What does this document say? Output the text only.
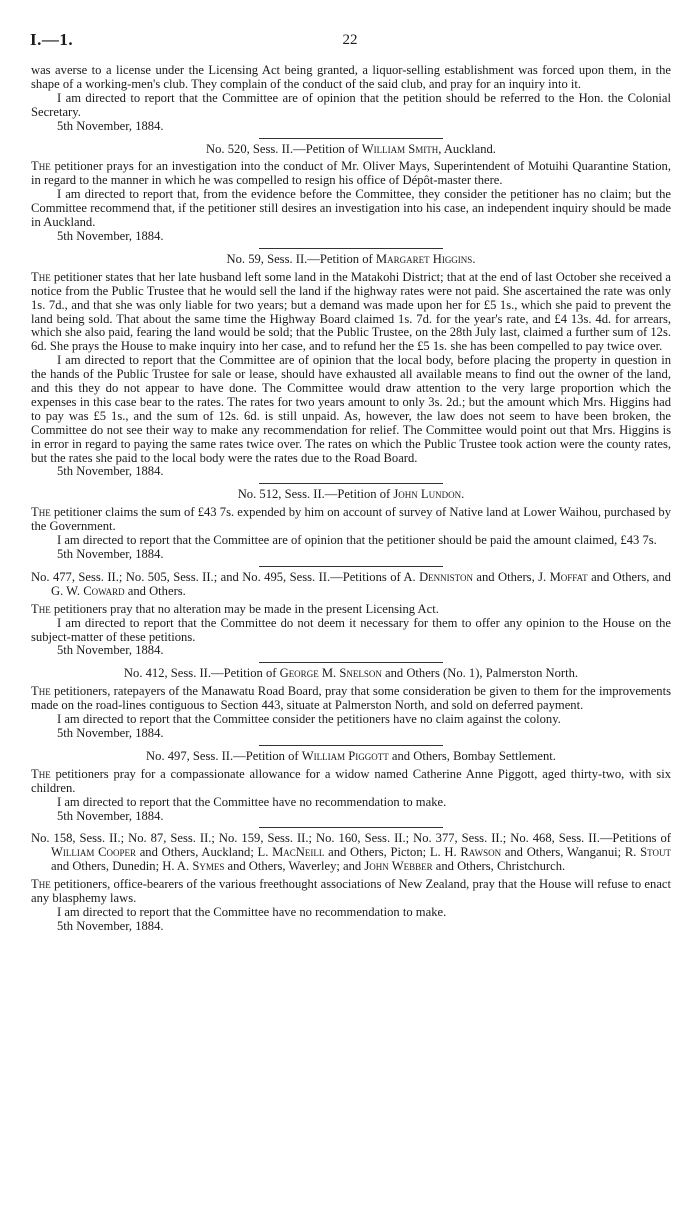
I.—1.	22

was averse to a license under the Licensing Act being granted, a liquor-selling establishment was forced upon them, in the shape of a working-men's club. They complain of the conduct of the said club, and pray for an inquiry into it.

I am directed to report that the Committee are of opinion that the petition should be referred to the Hon. the Colonial Secretary.

5th November, 1884.

No. 520, Sess. II.—Petition of William Smith, Auckland.

The petitioner prays for an investigation into the conduct of Mr. Oliver Mays, Superintendent of Motuihi Quarantine Station, in regard to the manner in which he was compelled to resign his office of Dépôt-master there.

I am directed to report that, from the evidence before the Committee, they consider the petitioner has no claim; but the Committee recommend that, if the petitioner still desires an investigation into his case, an independent inquiry should be made in Auckland.

5th November, 1884.

No. 59, Sess. II.—Petition of Margaret Higgins.

The petitioner states that her late husband left some land in the Matakohi District; that at the end of last October she received a notice from the Public Trustee that he would sell the land if the highway rates were not paid. She ascertained the rate was only 1s. 7d., and that she was only liable for two years; but a demand was made upon her for £5 1s., which she paid to prevent the land being sold. That about the same time the Highway Board claimed 1s. 7d. for the year's rate, and £4 13s. 4d. for arrears, which she also paid, fearing the land would be sold; that the Public Trustee, on the 28th July last, claimed a further sum of 12s. 6d. She prays the House to make inquiry into her case, and to refund her the £5 1s. she has been compelled to pay twice over.

I am directed to report that the Committee are of opinion that the local body, before placing the property in question in the hands of the Public Trustee for sale or lease, should have exhausted all available means to find out the owner of the land, and this they do not appear to have done. The Committee would draw attention to the very large proportion which the expenses in this case bear to the rates. The rates for two years amount to only 3s. 2d.; but the amount which Mrs. Higgins had to pay was £5 1s., and the sum of 12s. 6d. is still unpaid. As, however, the law does not seem to have been broken, the Committee do not see their way to make any recommendation for relief. The Committee would point out that Mrs. Higgins is in error in regard to paying the same rates twice over. The rates on which the Public Trustee took action were the county rates, but the rates she paid to the local body were the rates due to the Road Board.

5th November, 1884.

No. 512, Sess. II.—Petition of John Lundon.

The petitioner claims the sum of £43 7s. expended by him on account of survey of Native land at Lower Waihou, purchased by the Government.

I am directed to report that the Committee are of opinion that the petitioner should be paid the amount claimed, £43 7s.

5th November, 1884.

No. 477, Sess. II.; No. 505, Sess. II.; and No. 495, Sess. II.—Petitions of A. Denniston and Others, J. Moffat and Others, and G. W. Coward and Others.

The petitioners pray that no alteration may be made in the present Licensing Act.

I am directed to report that the Committee do not deem it necessary for them to offer any opinion to the House on the subject-matter of these petitions.

5th November, 1884.

No. 412, Sess. II.—Petition of George M. Snelson and Others (No. 1), Palmerston North.

The petitioners, ratepayers of the Manawatu Road Board, pray that some consideration be given to them for the improvements made on the road-lines contiguous to Section 443, situate at Palmerston North, and sold on deferred payment.

I am directed to report that the Committee consider the petitioners have no claim against the colony.

5th November, 1884.

No. 497, Sess. II.—Petition of William Piggott and Others, Bombay Settlement.

The petitioners pray for a compassionate allowance for a widow named Catherine Anne Piggott, aged thirty-two, with six children.

I am directed to report that the Committee have no recommendation to make.

5th November, 1884.

No. 158, Sess. II.; No. 87, Sess. II.; No. 159, Sess. II.; No. 160, Sess. II.; No. 377, Sess. II.; No. 468, Sess. II.—Petitions of William Cooper and Others, Auckland; L. MacNeill and Others, Picton; L. H. Rawson and Others, Wanganui; R. Stout and Others, Dunedin; H. A. Symes and Others, Waverley; and John Webber and Others, Christchurch.

The petitioners, office-bearers of the various freethought associations of New Zealand, pray that the House will refuse to enact any blasphemy laws.

I am directed to report that the Committee have no recommendation to make.

5th November, 1884.
